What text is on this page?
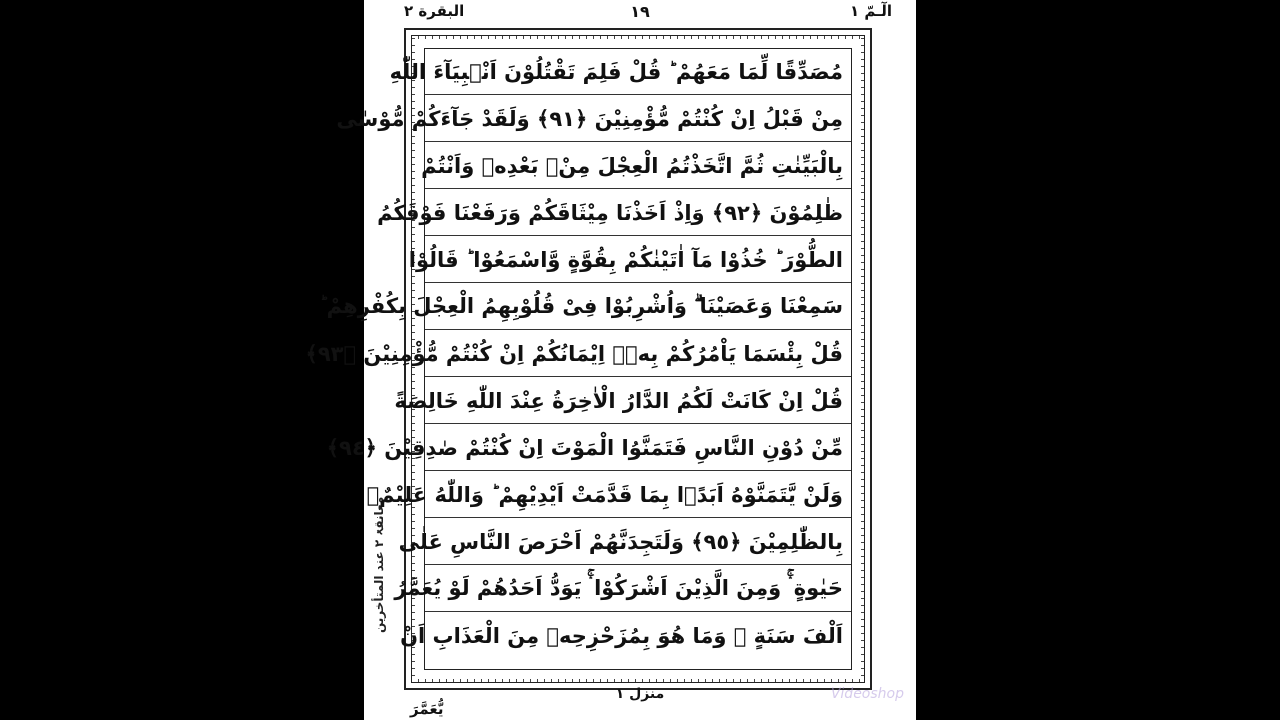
الٓـمّ ١
١٩
البقرة ٢
معانقۃ ٢ عند المتأخرین
مُصَدِّقًا لِّمَا مَعَهُمْ ؕ قُلْ فَلِمَ تَقْتُلُوْنَ اَنْۢبِيَآءَ اللّٰهِ
مِنْ قَبْلُ اِنْ كُنْتُمْ مُّؤْمِنِيْنَ ﴿٩١﴾ وَلَقَدْ جَآءَكُمْ مُّوْسٰى
بِالْبَيِّنٰتِ ثُمَّ اتَّخَذْتُمُ الْعِجْلَ مِنْۢ بَعْدِهٖ وَاَنْتُمْ
ظٰلِمُوْنَ ﴿٩٢﴾ وَاِذْ اَخَذْنَا مِيْثَاقَكُمْ وَرَفَعْنَا فَوْقَكُمُ
الطُّوْرَ ؕ خُذُوْا مَآ اٰتَيْنٰكُمْ بِقُوَّةٍ وَّاسْمَعُوْا ؕ قَالُوْا
سَمِعْنَا وَعَصَيْنَا ۗ وَاُشْرِبُوْا فِىْ قُلُوْبِهِمُ الْعِجْلَ بِكُفْرِهِمْ ؕ
قُلْ بِئْسَمَا يَاْمُرُكُمْ بِهٖۤ اِيْمَانُكُمْ اِنْ كُنْتُمْ مُّؤْمِنِيْنَ ﴿٩٣﴾
قُلْ اِنْ كَانَتْ لَكُمُ الدَّارُ الْاٰخِرَةُ عِنْدَ اللّٰهِ خَالِصَةً
مِّنْ دُوْنِ النَّاسِ فَتَمَنَّوُا الْمَوْتَ اِنْ كُنْتُمْ صٰدِقِيْنَ ﴿٩٤﴾
وَلَنْ يَّتَمَنَّوْهُ اَبَدًۢا بِمَا قَدَّمَتْ اَيْدِيْهِمْ ؕ وَاللّٰهُ عَلِيْمٌۢ
بِالظّٰلِمِيْنَ ﴿٩٥﴾ وَلَتَجِدَنَّهُمْ اَحْرَصَ النَّاسِ عَلٰى
حَيٰوةٍ ۛۚ وَمِنَ الَّذِيْنَ اَشْرَكُوْا ۛۚ يَوَدُّ اَحَدُهُمْ لَوْ يُعَمَّرُ
اَلْفَ سَنَةٍ ۚ وَمَا هُوَ بِمُزَحْزِحِهٖ مِنَ الْعَذَابِ اَنْ
منزل ١
يُّعَمَّرَ
Videoshop
